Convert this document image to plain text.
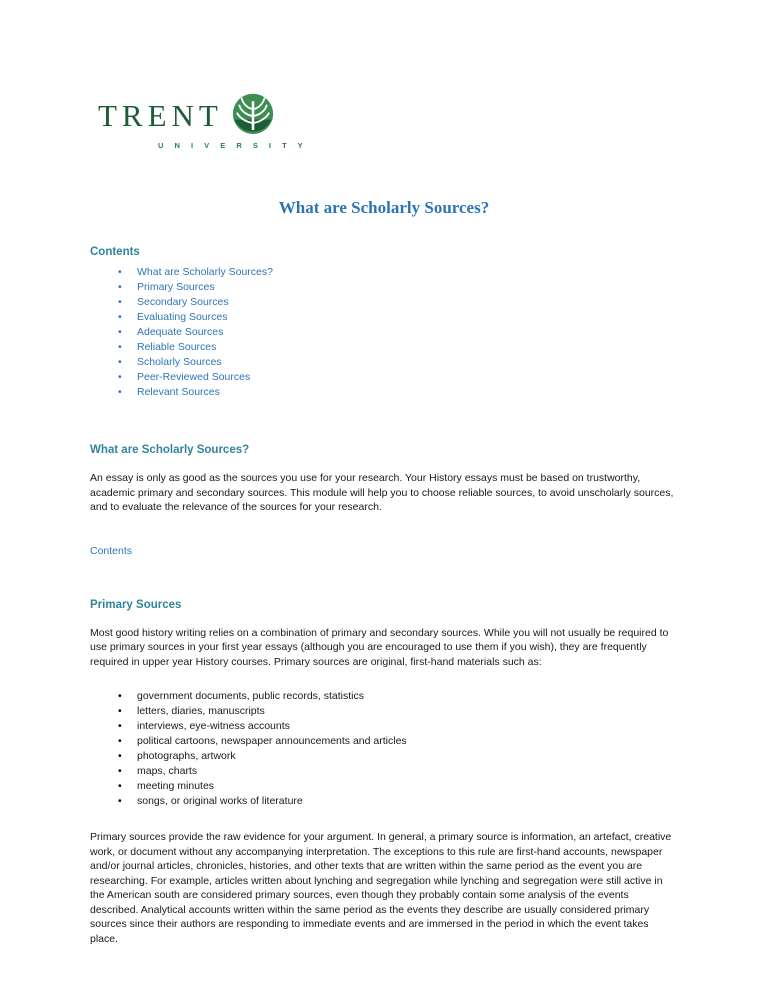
TRENT
U N I V E R S I T Y
What are Scholarly Sources?
Contents
•	What are Scholarly Sources?
•	Primary Sources
•	Secondary Sources
•	Evaluating Sources
•	Adequate Sources
•	Reliable Sources
•	Scholarly Sources
•	Peer-Reviewed Sources
•	Relevant Sources
What are Scholarly Sources?

An essay is only as good as the sources you use for your research. Your History essays must be based on trustworthy, academic primary and secondary sources. This module will help you to choose reliable sources, to avoid unscholarly sources, and to evaluate the relevance of the sources for your research.

Contents
Primary Sources

Most good history writing relies on a combination of primary and secondary sources. While you will not usually be required to use primary sources in your first year essays (although you are encouraged to use them if you wish), they are frequently required in upper year History courses. Primary sources are original, first-hand materials such as:

•	government documents, public records, statistics
•	letters, diaries, manuscripts
•	interviews, eye-witness accounts
•	political cartoons, newspaper announcements and articles
•	photographs, artwork
•	maps, charts
•	meeting minutes
•	songs, or original works of literature

Primary sources provide the raw evidence for your argument. In general, a primary source is information, an artefact, creative work, or document without any accompanying interpretation. The exceptions to this rule are first-hand accounts, newspaper and/or journal articles, chronicles, histories, and other texts that are written within the same period as the event you are researching. For example, articles written about lynching and segregation while lynching and segregation were still active in the American south are considered primary sources, even though they probably contain some analysis of the events described. Analytical accounts written within the same period as the events they describe are usually considered primary sources since their authors are responding to immediate events and are immersed in the period in which the event takes place.
